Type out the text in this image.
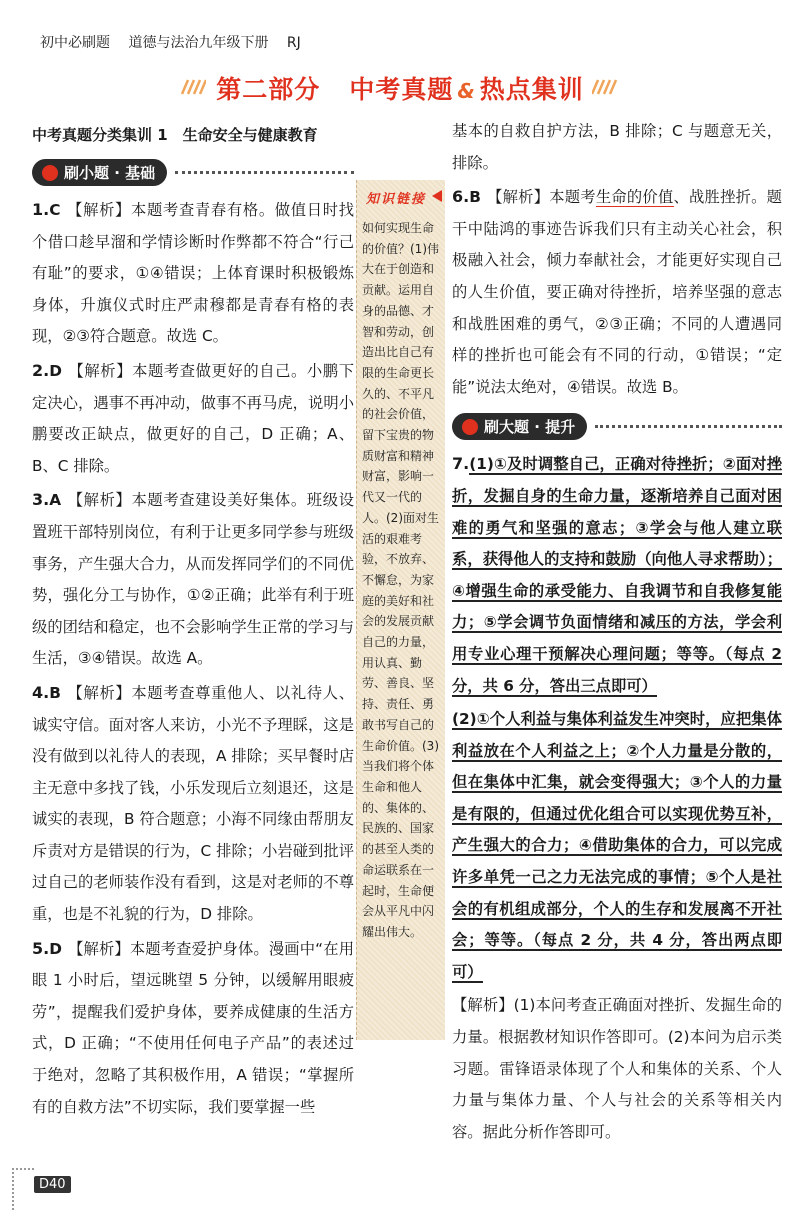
初中必刷题 道德与法治九年级下册 RJ
第二部分 中考真题 & 热点集训
中考真题分类集训 1　生命安全与健康教育
刷小题 · 基础
1.C 【解析】本题考查青春有格。做值日时找个借口趁早溜和学情诊断时作弊都不符合“行己有耻”的要求，①④错误；上体育课时积极锻炼身体，升旗仪式时庄严肃穆都是青春有格的表现，②③符合题意。故选 C。
2.D 【解析】本题考查做更好的自己。小鹏下定决心，遇事不再冲动，做事不再马虎，说明小鹏要改正缺点，做更好的自己，D 正确；A、B、C 排除。
3.A 【解析】本题考查建设美好集体。班级设置班干部特别岗位，有利于让更多同学参与班级事务，产生强大合力，从而发挥同学们的不同优势，强化分工与协作，①②正确；此举有利于班级的团结和稳定，也不会影响学生正常的学习与生活，③④错误。故选 A。
4.B 【解析】本题考查尊重他人、以礼待人、诚实守信。面对客人来访，小光不予理睬，这是没有做到以礼待人的表现，A 排除；买早餐时店主无意中多找了钱，小乐发现后立刻退还，这是诚实的表现，B 符合题意；小海不同缘由帮朋友斥责对方是错误的行为，C 排除；小岩碰到批评过自己的老师装作没有看到，这是对老师的不尊重，也是不礼貌的行为，D 排除。
5.D 【解析】本题考查爱护身体。漫画中“在用眼 1 小时后，望远眺望 5 分钟，以缓解用眼疲劳”，提醒我们爱护身体，要养成健康的生活方式，D 正确；“不使用任何电子产品”的表述过于绝对，忽略了其积极作用，A 错误；“掌握所有的自救方法”不切实际，我们要掌握一些
知识链接
如何实现生命的价值？(1)伟大在于创造和贡献。运用自身的品德、才智和劳动，创造出比自己有限的生命更长久的、不平凡的社会价值，留下宝贵的物质财富和精神财富，影响一代又一代的人。(2)面对生活的艰难考验，不放弃、不懈怠，为家庭的美好和社会的发展贡献自己的力量，用认真、勤劳、善良、坚持、责任、勇敢书写自己的生命价值。(3)当我们将个体生命和他人的、集体的、民族的、国家的甚至人类的命运联系在一起时，生命便会从平凡中闪耀出伟大。
基本的自救自护方法，B 排除；C 与题意无关，排除。
6.B 【解析】本题考生命的价值、战胜挫折。题干中陆鸿的事迹告诉我们只有主动关心社会，积极融入社会，倾力奉献社会，才能更好实现自己的人生价值，要正确对待挫折，培养坚强的意志和战胜困难的勇气，②③正确；不同的人遭遇同样的挫折也可能会有不同的行动，①错误；“定能”说法太绝对，④错误。故选 B。
刷大题 · 提升
7.(1)①及时调整自己，正确对待挫折；②面对挫折，发掘自身的生命力量，逐渐培养自己面对困难的勇气和坚强的意志；③学会与他人建立联系，获得他人的支持和鼓励（向他人寻求帮助）；④增强生命的承受能力、自我调节和自我修复能力；⑤学会调节负面情绪和减压的方法，学会利用专业心理干预解决心理问题；等等。（每点 2 分，共 6 分，答出三点即可）
(2)①个人利益与集体利益发生冲突时，应把集体利益放在个人利益之上；②个人力量是分散的，但在集体中汇集，就会变得强大；③个人的力量是有限的，但通过优化组合可以实现优势互补，产生强大的合力；④借助集体的合力，可以完成许多单凭一己之力无法完成的事情；⑤个人是社会的有机组成部分，个人的生存和发展离不开社会；等等。（每点 2 分，共 4 分，答出两点即可）
【解析】(1)本问考查正确面对挫折、发掘生命的力量。根据教材知识作答即可。(2)本问为启示类习题。雷锋语录体现了个人和集体的关系、个人力量与集体力量、个人与社会的关系等相关内容。据此分析作答即可。
D40
